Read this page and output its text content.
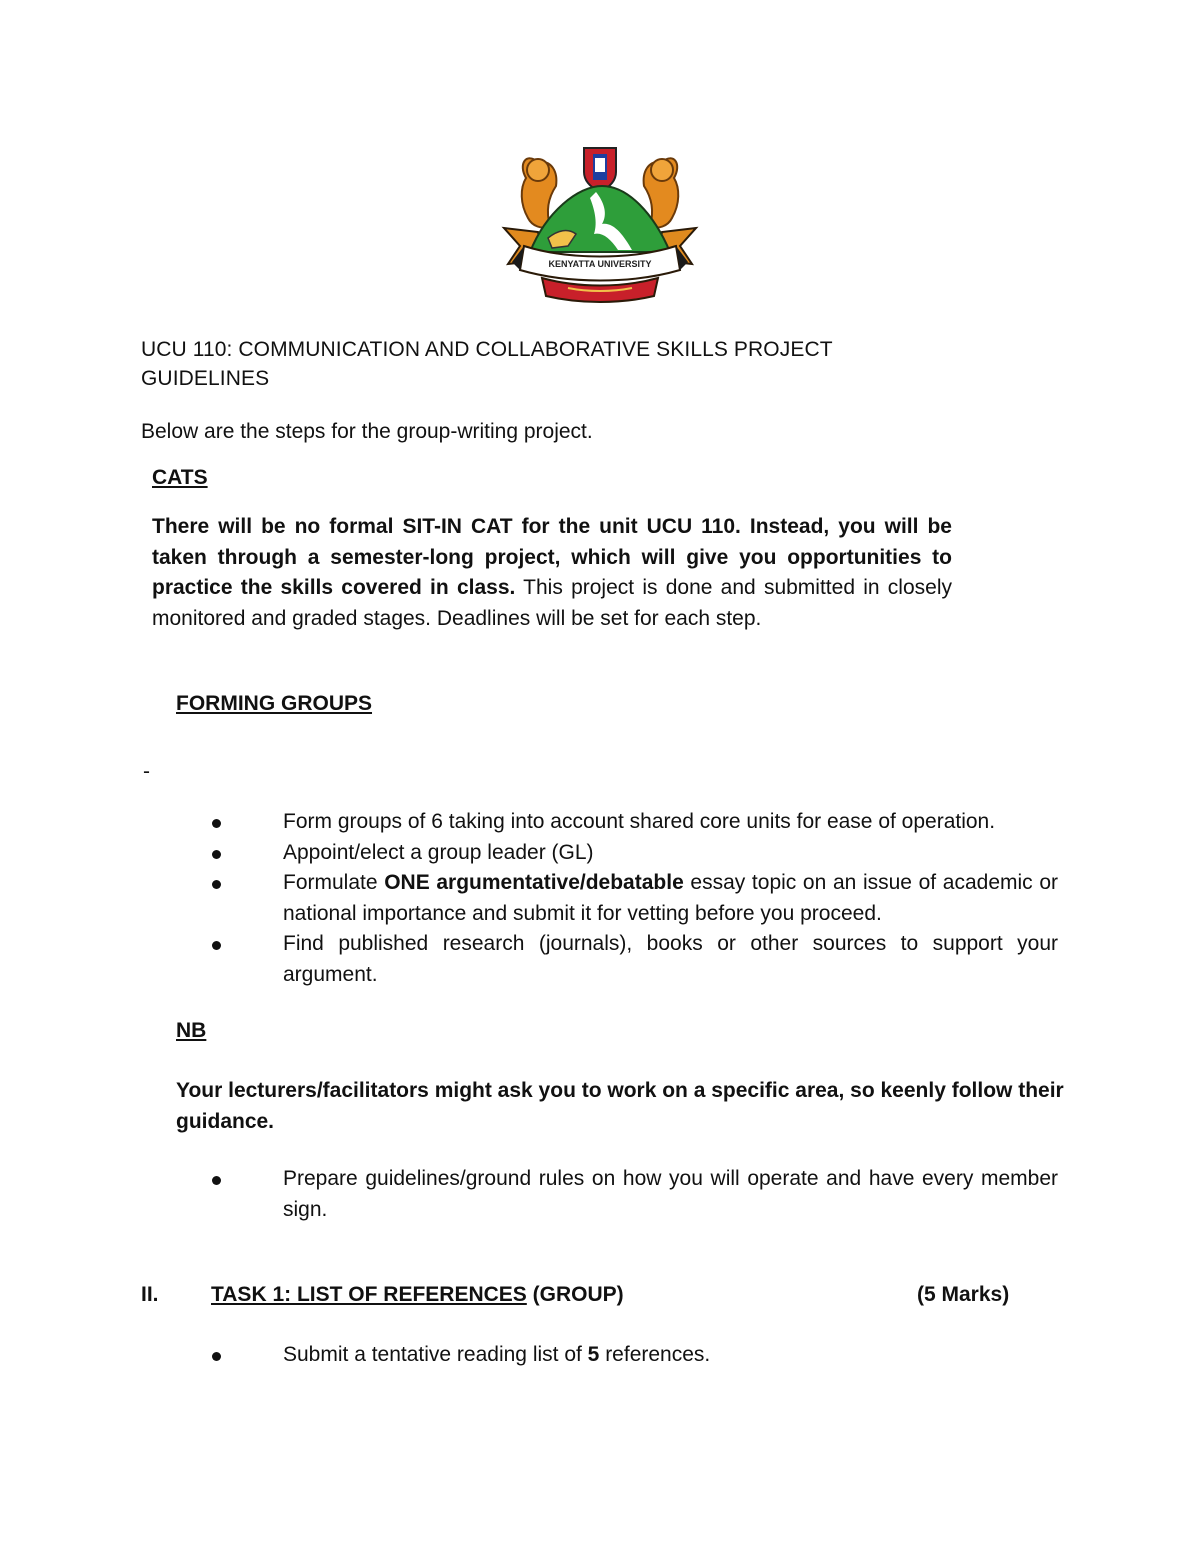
KENYATTA UNIVERSITY
UCU 110: COMMUNICATION AND COLLABORATIVE SKILLS PROJECT GUIDELINES
Below are the steps for the group-writing project.
CATS
There will be no formal SIT-IN CAT for the unit UCU 110. Instead, you will be taken through a semester-long project, which will give you opportunities to practice the skills covered in class. This project is done and submitted in closely monitored and graded stages. Deadlines will be set for each step.
FORMING GROUPS
-
Form groups of 6 taking into account shared core units for ease of operation.
Appoint/elect a group leader (GL)
Formulate ONE argumentative/debatable essay topic on an issue of academic or national importance and submit it for vetting before you proceed.
Find published research (journals), books or other sources to support your argument.
NB
Your lecturers/facilitators might ask you to work on a specific area, so keenly follow their guidance.
Prepare guidelines/ground rules on how you will operate and have every member sign.
II. TASK 1: LIST OF REFERENCES (GROUP)	(5 Marks)
Submit a tentative reading list of 5 references.
